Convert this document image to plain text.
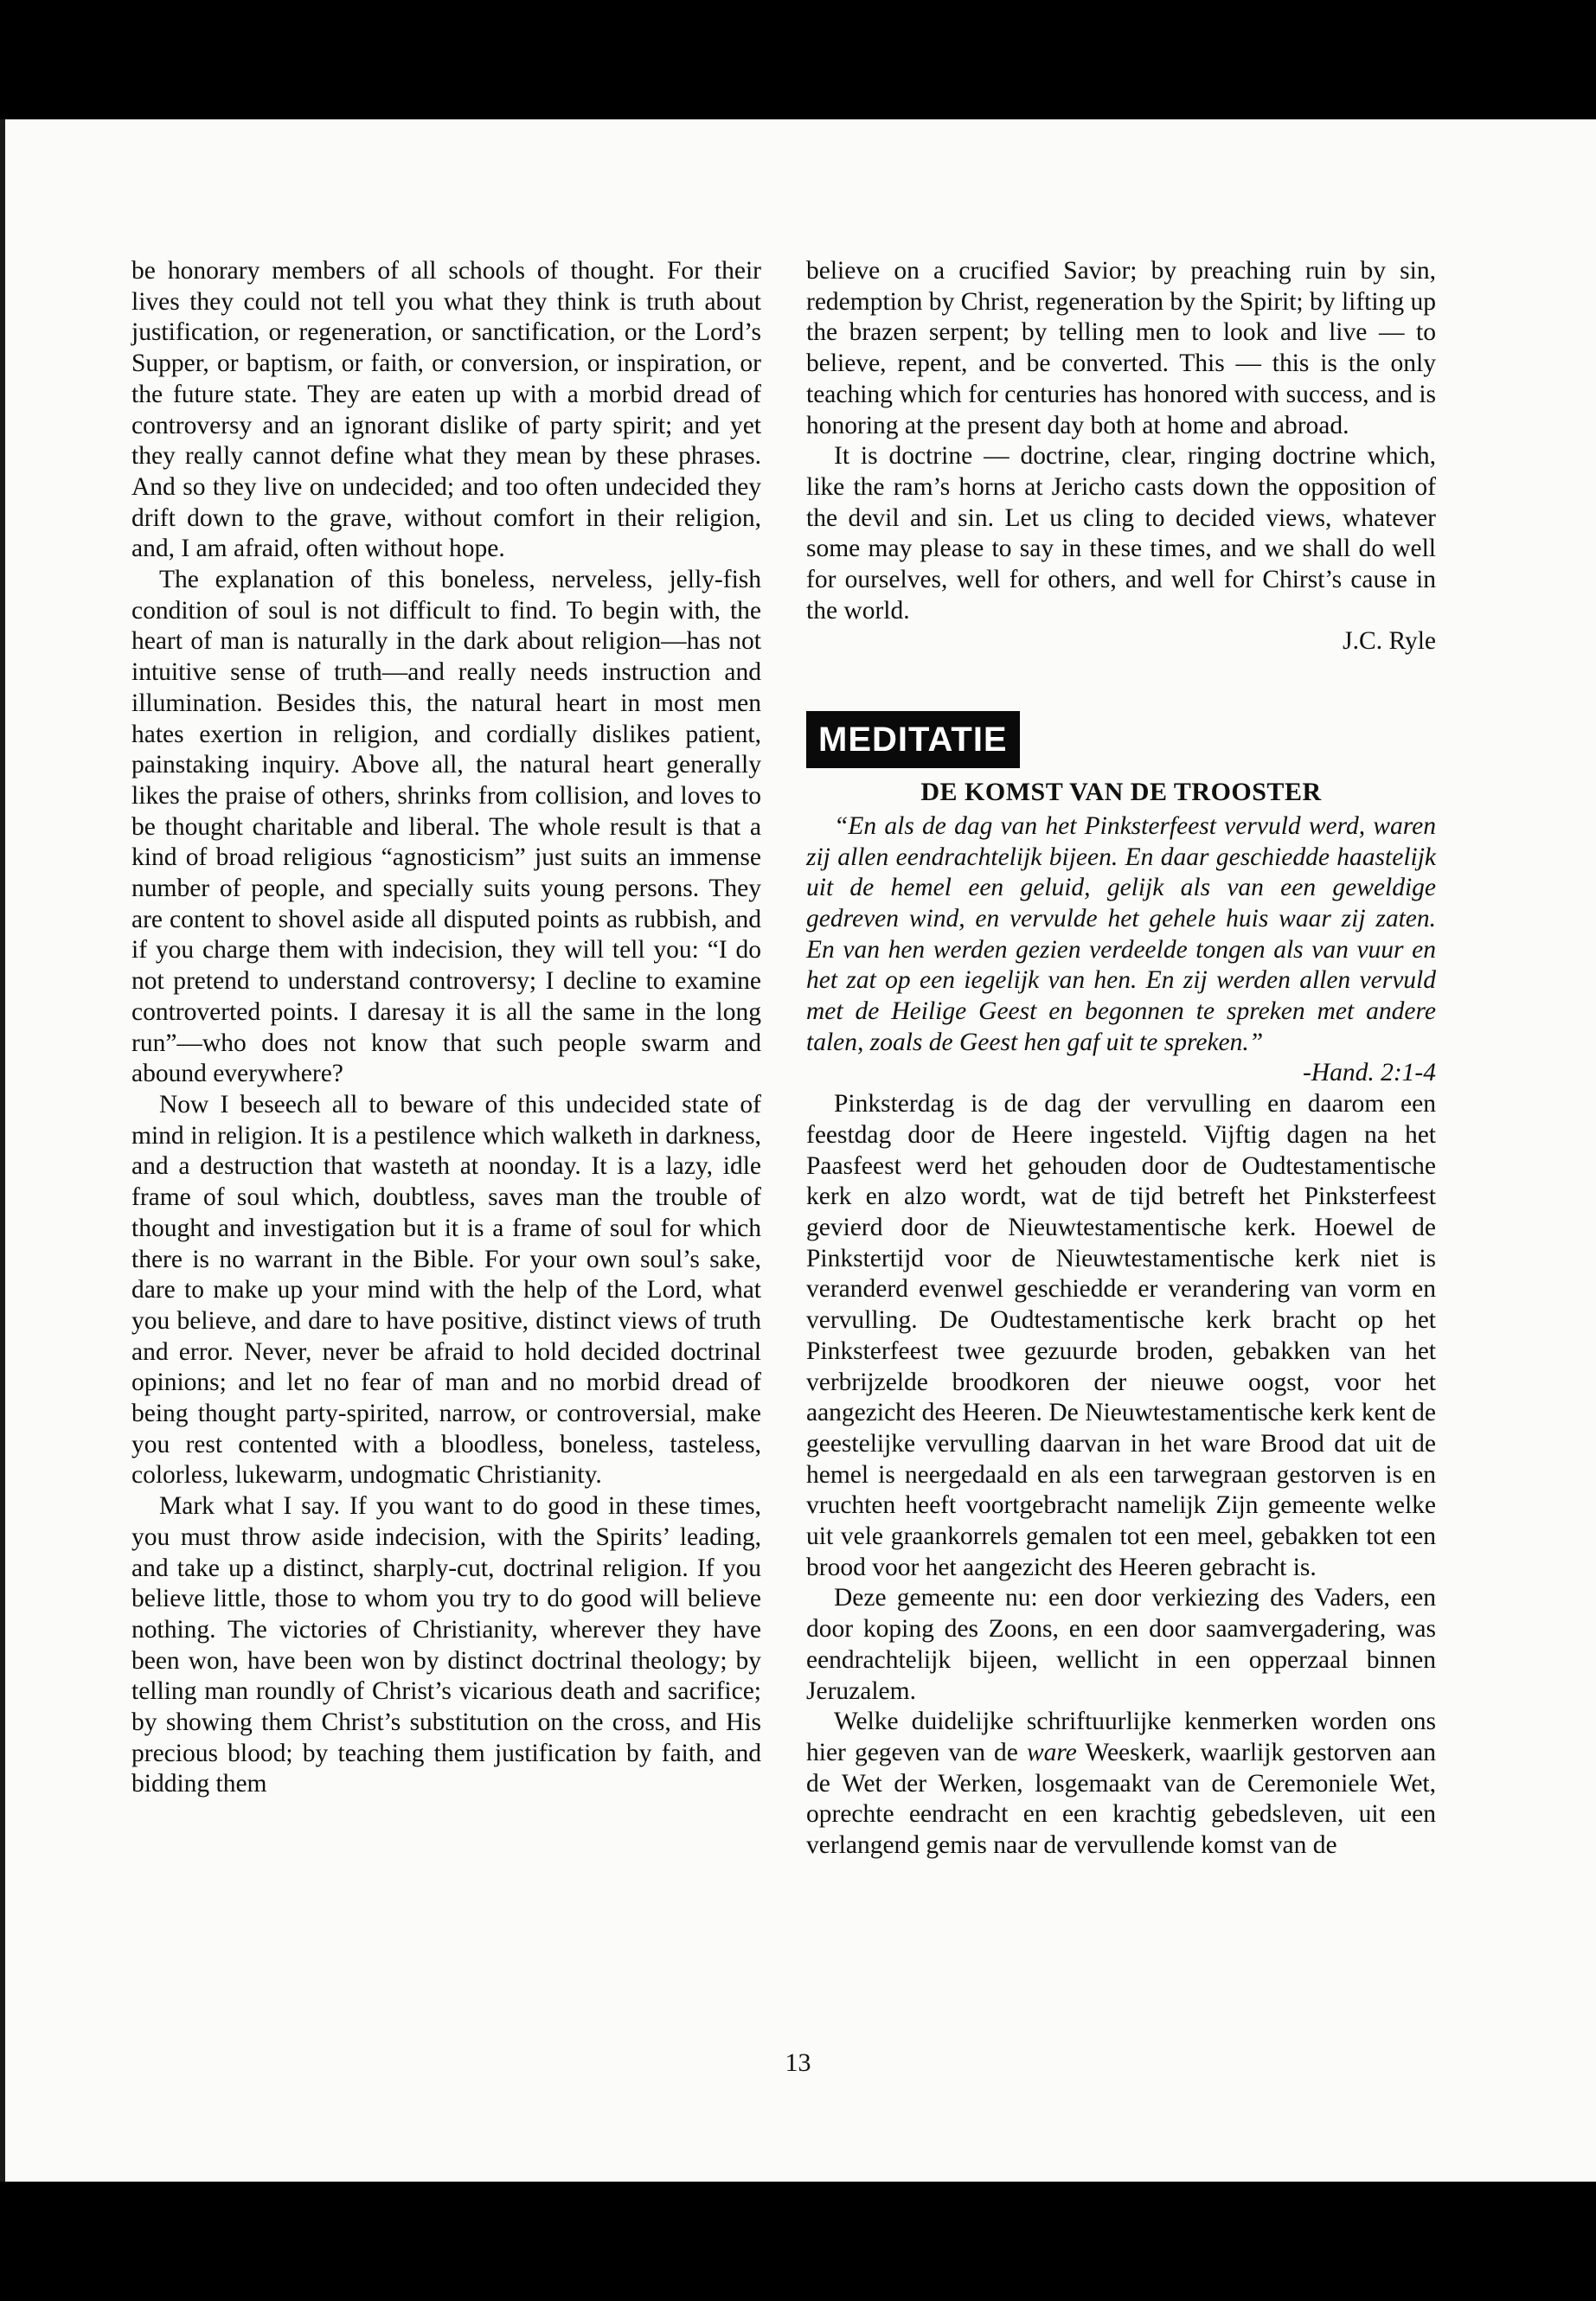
be honorary members of all schools of thought. For their lives they could not tell you what they think is truth about justification, or regeneration, or sanctification, or the Lord’s Supper, or baptism, or faith, or conversion, or inspiration, or the future state. They are eaten up with a morbid dread of controversy and an ignorant dislike of party spirit; and yet they really cannot define what they mean by these phrases. And so they live on undecided; and too often undecided they drift down to the grave, without comfort in their religion, and, I am afraid, often without hope.

The explanation of this boneless, nerveless, jelly-fish condition of soul is not difficult to find. To begin with, the heart of man is naturally in the dark about religion—has not intuitive sense of truth—and really needs instruction and illumination. Besides this, the natural heart in most men hates exertion in religion, and cordially dislikes patient, painstaking inquiry. Above all, the natural heart generally likes the praise of others, shrinks from collision, and loves to be thought charitable and liberal. The whole result is that a kind of broad religious “agnosticism” just suits an immense number of people, and specially suits young persons. They are content to shovel aside all disputed points as rubbish, and if you charge them with indecision, they will tell you: “I do not pretend to understand controversy; I decline to examine controverted points. I daresay it is all the same in the long run”—who does not know that such people swarm and abound everywhere?

Now I beseech all to beware of this undecided state of mind in religion. It is a pestilence which walketh in darkness, and a destruction that wasteth at noonday. It is a lazy, idle frame of soul which, doubtless, saves man the trouble of thought and investigation but it is a frame of soul for which there is no warrant in the Bible. For your own soul’s sake, dare to make up your mind with the help of the Lord, what you believe, and dare to have positive, distinct views of truth and error. Never, never be afraid to hold decided doctrinal opinions; and let no fear of man and no morbid dread of being thought party-spirited, narrow, or controversial, make you rest contented with a bloodless, boneless, tasteless, colorless, lukewarm, undogmatic Christianity.

Mark what I say. If you want to do good in these times, you must throw aside indecision, with the Spirits’ leading, and take up a distinct, sharply-cut, doctrinal religion. If you believe little, those to whom you try to do good will believe nothing. The victories of Christianity, wherever they have been won, have been won by distinct doctrinal theology; by telling man roundly of Christ’s vicarious death and sacrifice; by showing them Christ’s substitution on the cross, and His precious blood; by teaching them justification by faith, and bidding them

believe on a crucified Savior; by preaching ruin by sin, redemption by Christ, regeneration by the Spirit; by lifting up the brazen serpent; by telling men to look and live — to believe, repent, and be converted. This — this is the only teaching which for centuries has honored with success, and is honoring at the present day both at home and abroad.

It is doctrine — doctrine, clear, ringing doctrine which, like the ram’s horns at Jericho casts down the opposition of the devil and sin. Let us cling to decided views, whatever some may please to say in these times, and we shall do well for ourselves, well for others, and well for Chirst’s cause in the world.

J.C. Ryle

MEDITATIE
DE KOMST VAN DE TROOSTER

“En als de dag van het Pinksterfeest vervuld werd, waren zij allen eendrachtelijk bijeen. En daar geschiedde haastelijk uit de hemel een geluid, gelijk als van een geweldige gedreven wind, en vervulde het gehele huis waar zij zaten. En van hen werden gezien verdeelde tongen als van vuur en het zat op een iegelijk van hen. En zij werden allen vervuld met de Heilige Geest en begonnen te spreken met andere talen, zoals de Geest hen gaf uit te spreken.”

-Hand. 2:1-4

Pinksterdag is de dag der vervulling en daarom een feestdag door de Heere ingesteld. Vijftig dagen na het Paasfeest werd het gehouden door de Oudtestamentische kerk en alzo wordt, wat de tijd betreft het Pinksterfeest gevierd door de Nieuwtestamentische kerk. Hoewel de Pinkstertijd voor de Nieuwtestamentische kerk niet is veranderd evenwel geschiedde er verandering van vorm en vervulling. De Oudtestamentische kerk bracht op het Pinksterfeest twee gezuurde broden, gebakken van het verbrijzelde broodkoren der nieuwe oogst, voor het aangezicht des Heeren. De Nieuwtestamentische kerk kent de geestelijke vervulling daarvan in het ware Brood dat uit de hemel is neergedaald en als een tarwegraan gestorven is en vruchten heeft voortgebracht namelijk Zijn gemeente welke uit vele graankorrels gemalen tot een meel, gebakken tot een brood voor het aangezicht des Heeren gebracht is.

Deze gemeente nu: een door verkiezing des Vaders, een door koping des Zoons, en een door saamvergadering, was eendrachtelijk bijeen, wellicht in een opperzaal binnen Jeruzalem.

Welke duidelijke schriftuurlijke kenmerken worden ons hier gegeven van de ware Weeskerk, waarlijk gestorven aan de Wet der Werken, losgemaakt van de Ceremoniele Wet, oprechte eendracht en een krachtig gebedsleven, uit een verlangend gemis naar de vervullende komst van de

13
